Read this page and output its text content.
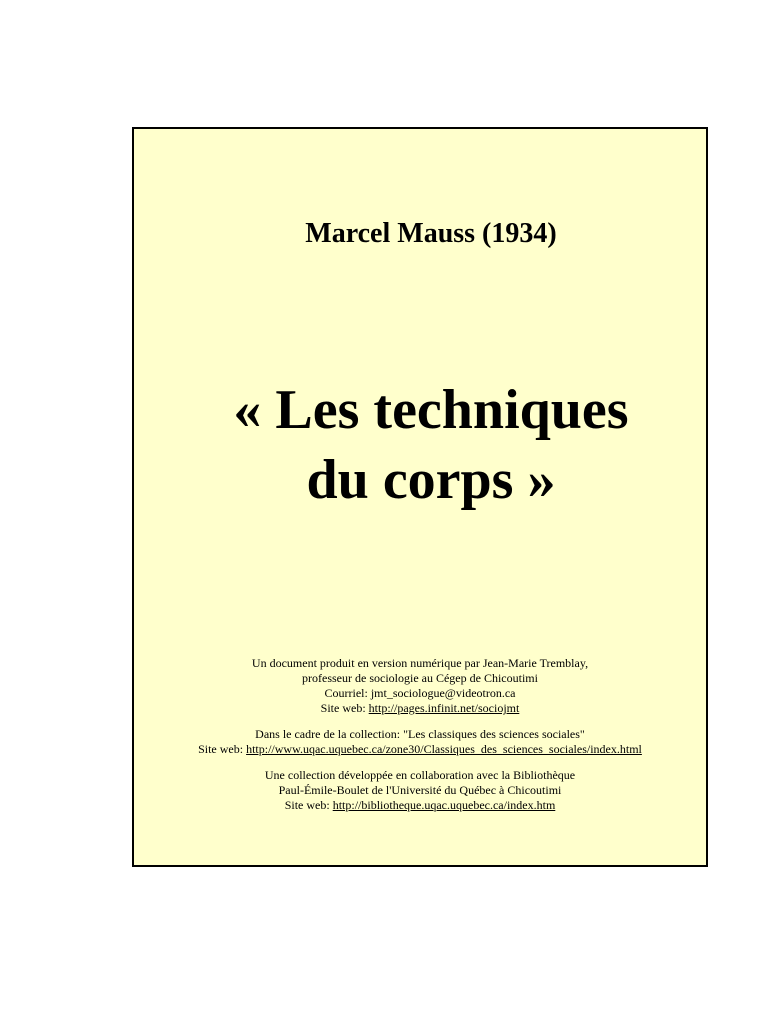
Marcel Mauss (1934)
« Les techniques
du corps »
Un document produit en version numérique par Jean-Marie Tremblay,
professeur de sociologie au Cégep de Chicoutimi
Courriel: jmt_sociologue@videotron.ca
Site web: http://pages.infinit.net/sociojmt
Dans le cadre de la collection: "Les classiques des sciences sociales"
Site web: http://www.uqac.uquebec.ca/zone30/Classiques_des_sciences_sociales/index.html
Une collection développée en collaboration avec la Bibliothèque
Paul-Émile-Boulet de l'Université du Québec à Chicoutimi
Site web: http://bibliotheque.uqac.uquebec.ca/index.htm
